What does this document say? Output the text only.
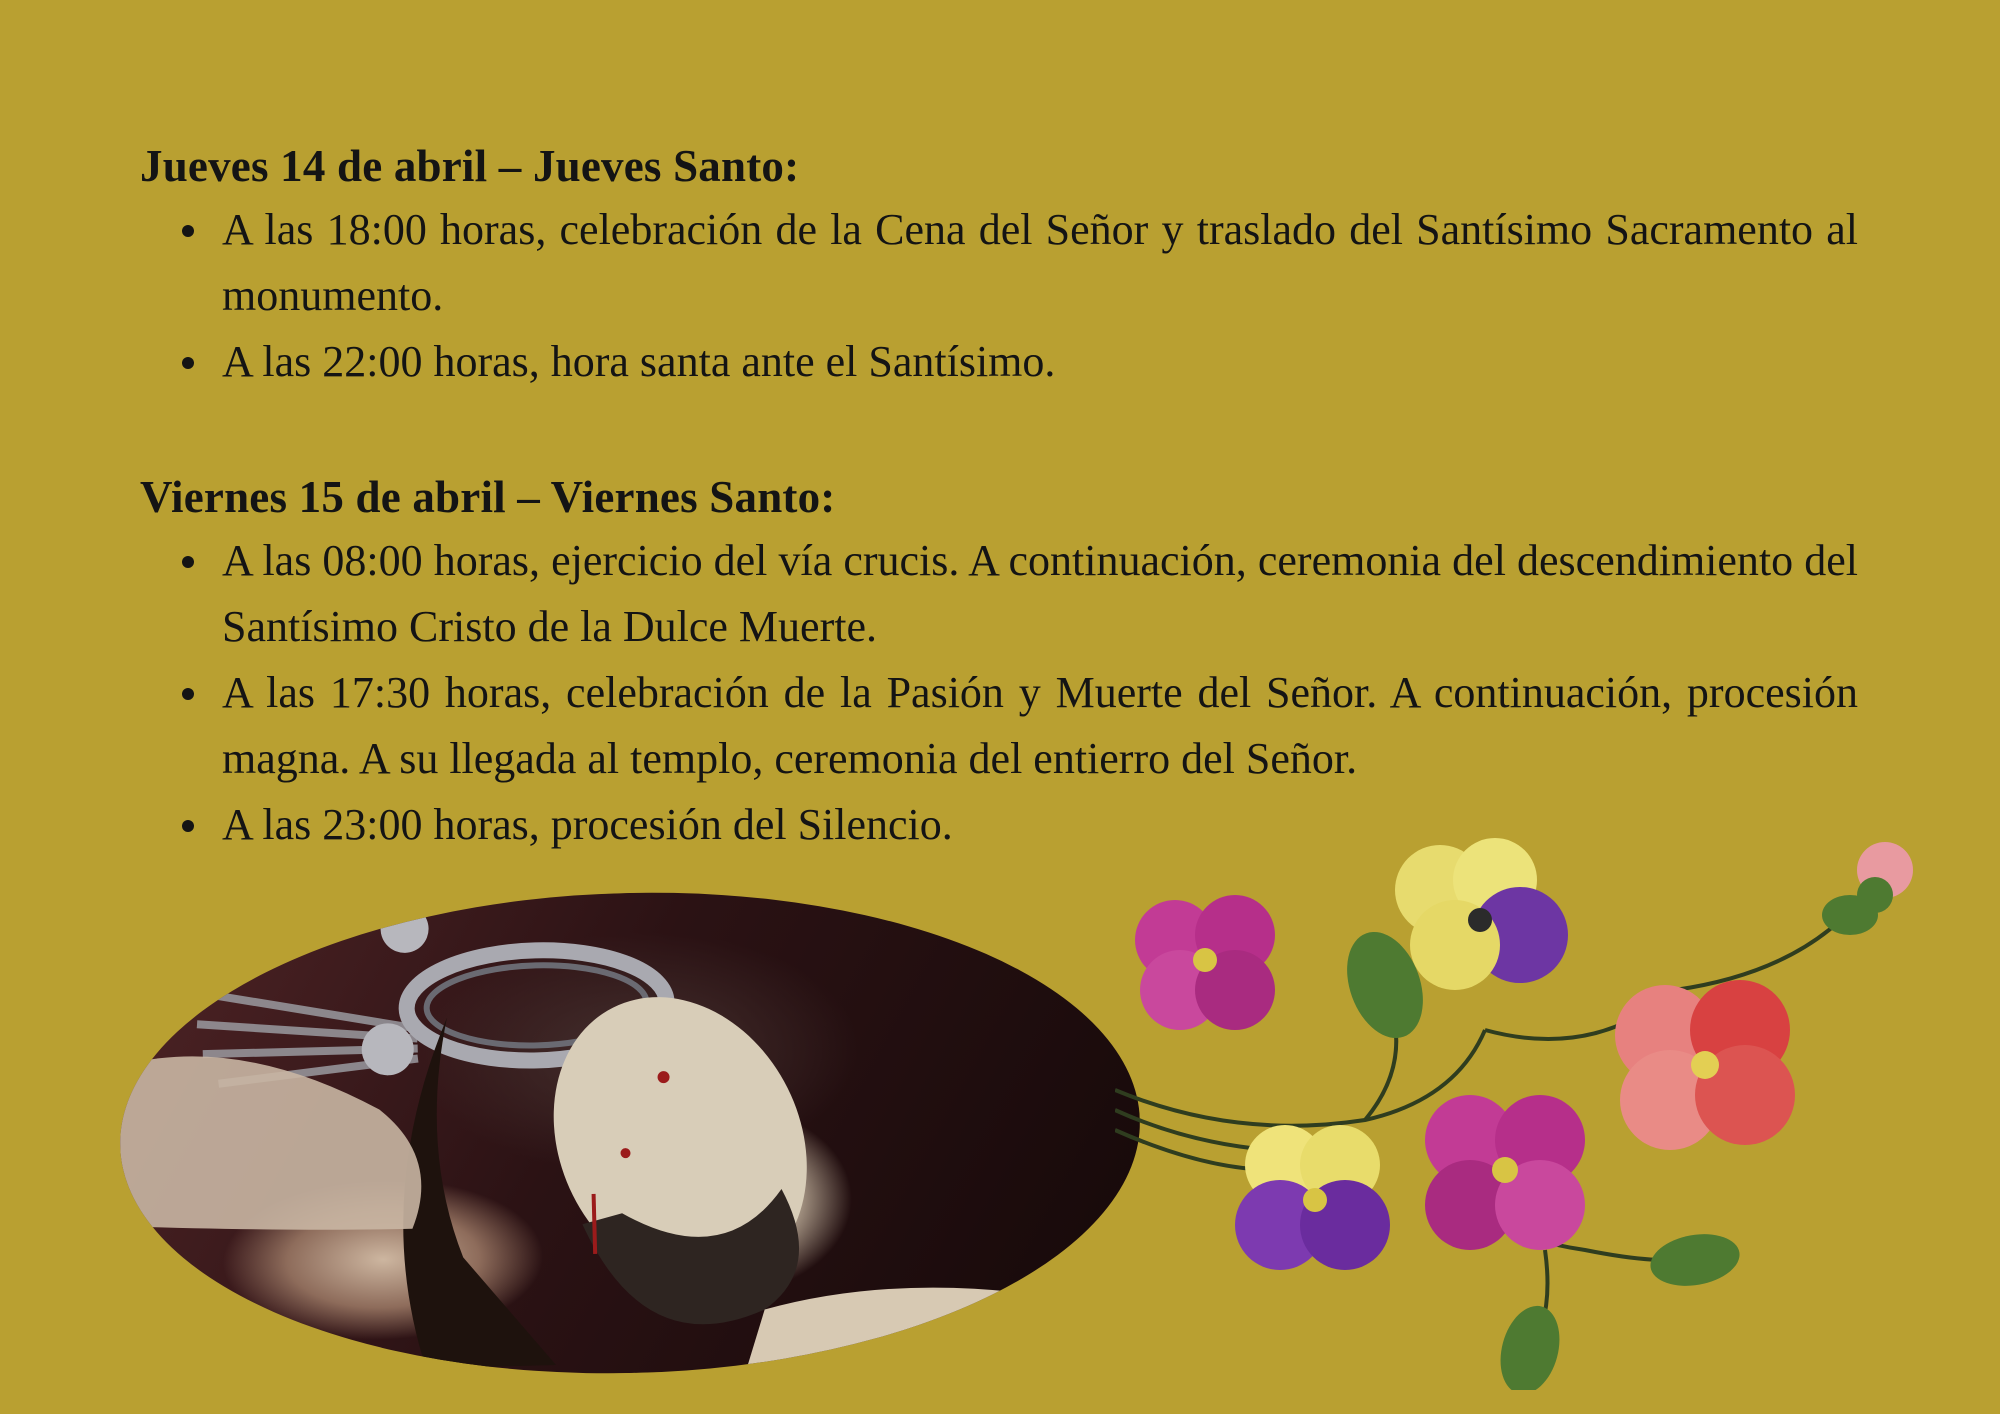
Jueves 14 de abril – Jueves Santo:

A las 18:00 horas, celebración de la Cena del Señor y traslado del Santísimo Sacramento al monumento.
A las 22:00 horas, hora santa ante el Santísimo.

Viernes 15 de abril – Viernes Santo:

A las 08:00 horas, ejercicio del vía crucis. A continuación, ceremonia del descendimiento del Santísimo Cristo de la Dulce Muerte.
A las 17:30 horas, celebración de la Pasión y Muerte del Señor. A continuación, procesión magna. A su llegada al templo, ceremonia del entierro del Señor.
A las 23:00 horas, procesión del Silencio.
